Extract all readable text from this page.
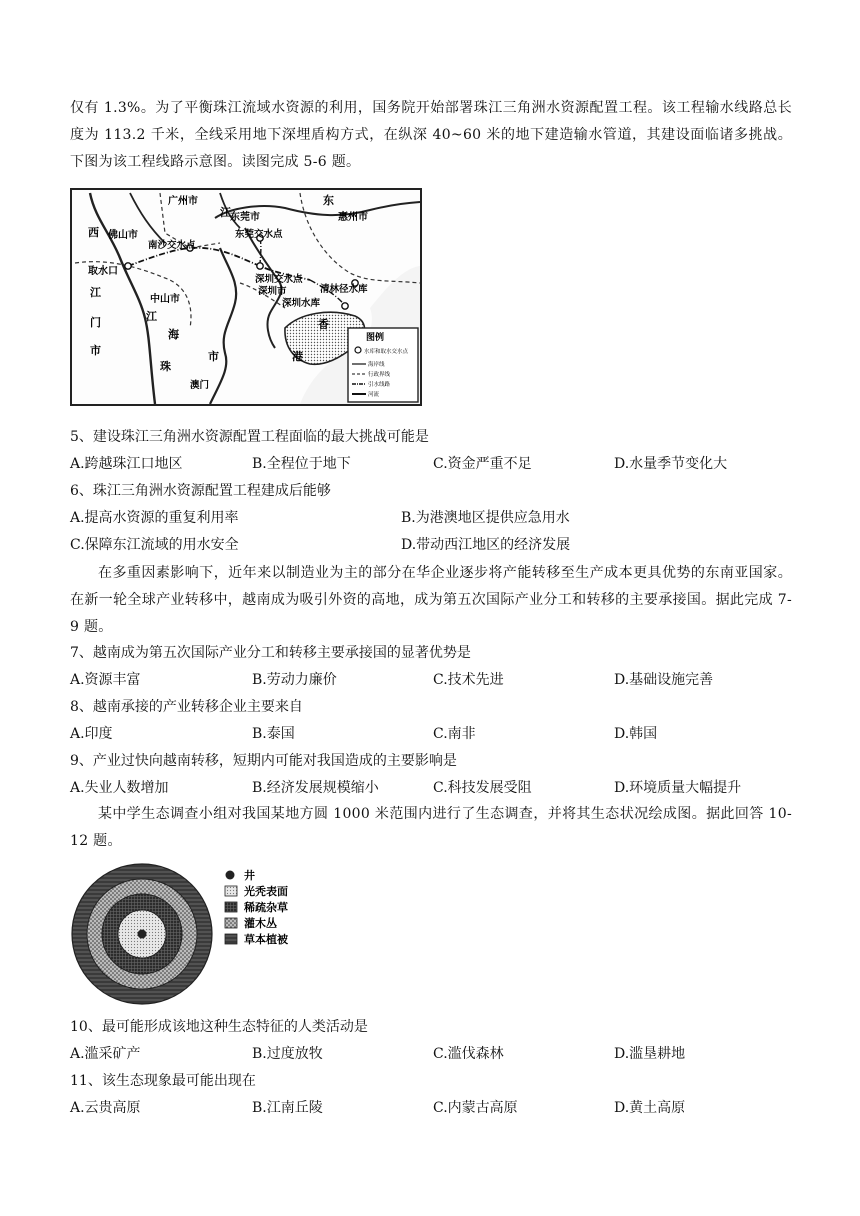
仅有 1.3%。为了平衡珠江流域水资源的利用，国务院开始部署珠江三角洲水资源配置工程。该工程输水线路总长度为 113.2 千米，全线采用地下深埋盾构方式，在纵深 40~60 米的地下建造输水管道，其建设面临诸多挑战。下图为该工程线路示意图。读图完成 5-6 题。
广州市
东莞市	惠州市
佛山市
南沙交水点
东莞交水点
取水口
中山市
深圳交水点
深圳市	清林径水库
深圳水库
香
港
澳门
西
江
门
市
江
东
江
海
珠
市
图例
水库和取水交水点
海岸线
行政界线
引水线路
河流
5、建设珠江三角洲水资源配置工程面临的最大挑战可能是
A.跨越珠江口地区	B.全程位于地下	C.资金严重不足	D.水量季节变化大
6、珠江三角洲水资源配置工程建成后能够
A.提高水资源的重复利用率	B.为港澳地区提供应急用水
C.保障东江流域的用水安全	D.带动西江地区的经济发展
在多重因素影响下，近年来以制造业为主的部分在华企业逐步将产能转移至生产成本更具优势的东南亚国家。在新一轮全球产业转移中，越南成为吸引外资的高地，成为第五次国际产业分工和转移的主要承接国。据此完成 7-9 题。
7、越南成为第五次国际产业分工和转移主要承接国的显著优势是
A.资源丰富	B.劳动力廉价	C.技术先进	D.基础设施完善
8、越南承接的产业转移企业主要来自
A.印度	B.泰国	C.南非	D.韩国
9、产业过快向越南转移，短期内可能对我国造成的主要影响是
A.失业人数增加	B.经济发展规模缩小	C.科技发展受阻	D.环境质量大幅提升
某中学生态调查小组对我国某地方圆 1000 米范围内进行了生态调查，并将其生态状况绘成图。据此回答 10-12 题。
井
光秃表面
稀疏杂草
灌木丛
草本植被
10、最可能形成该地这种生态特征的人类活动是
A.滥采矿产	B.过度放牧	C.滥伐森林	D.滥垦耕地
11、该生态现象最可能出现在
A.云贵高原	B.江南丘陵	C.内蒙古高原	D.黄土高原
